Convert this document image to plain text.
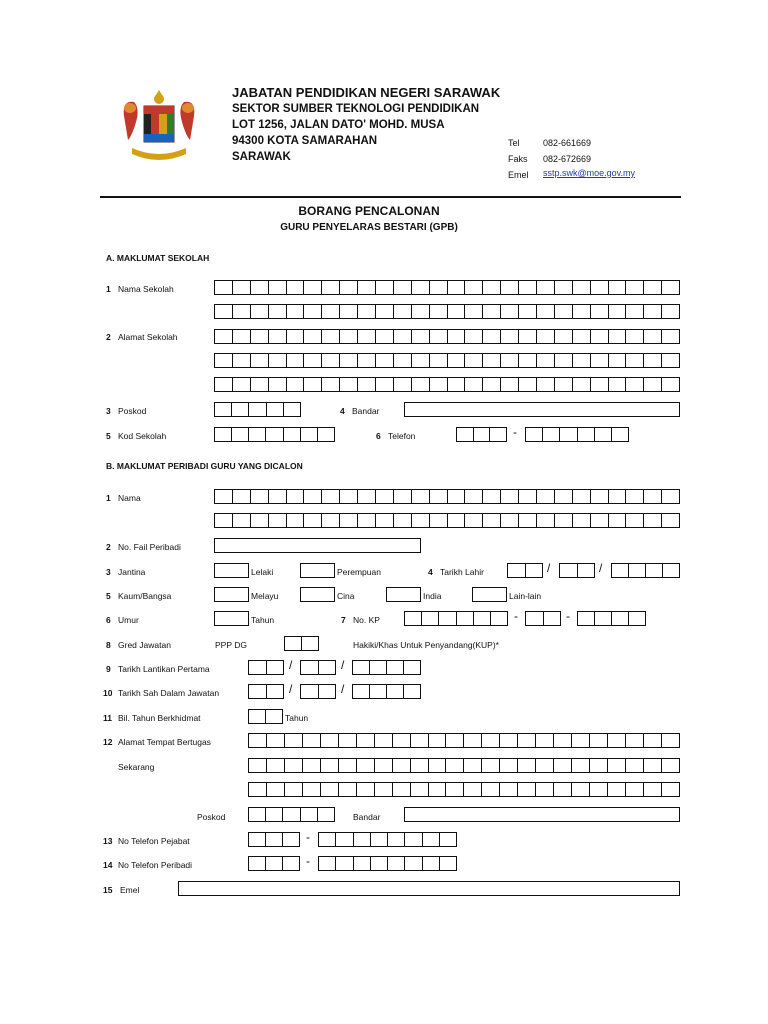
JABATAN PENDIDIKAN NEGERI SARAWAK
SEKTOR SUMBER TEKNOLOGI PENDIDIKAN
LOT 1256, JALAN DATO' MOHD. MUSA
94300 KOTA SAMARAHAN
SARAWAK
Tel	082-661669
Faks 082-672669
Emel sstp.swk@moe.gov.my
BORANG PENCALONAN
GURU PENYELARAS BESTARI (GPB)
A. MAKLUMAT SEKOLAH
1 Nama Sekolah
2 Alamat Sekolah
3 Poskod	4 Bandar
5 Kod Sekolah	6 Telefon	-
B. MAKLUMAT PERIBADI GURU YANG DICALON
1 Nama
2 No. Fail Peribadi
3 Jantina	Lelaki	Perempuan	4 Tarikh Lahir	/	/
5 Kaum/Bangsa	Melayu	Cina	India	Lain-lain
6 Umur	Tahun	7 No. KP	-	-
8 Gred Jawatan	PPP DG	Hakiki/Khas Untuk Penyandang(KUP)*
9 Tarikh Lantikan Pertama	/	/
10 Tarikh Sah Dalam Jawatan	/	/
11 Bil. Tahun Berkhidmat	Tahun
12 Alamat Tempat Bertugas
Sekarang
Poskod	Bandar
13 No Telefon Pejabat	-
14 No Telefon Peribadi	-
15 Emel
